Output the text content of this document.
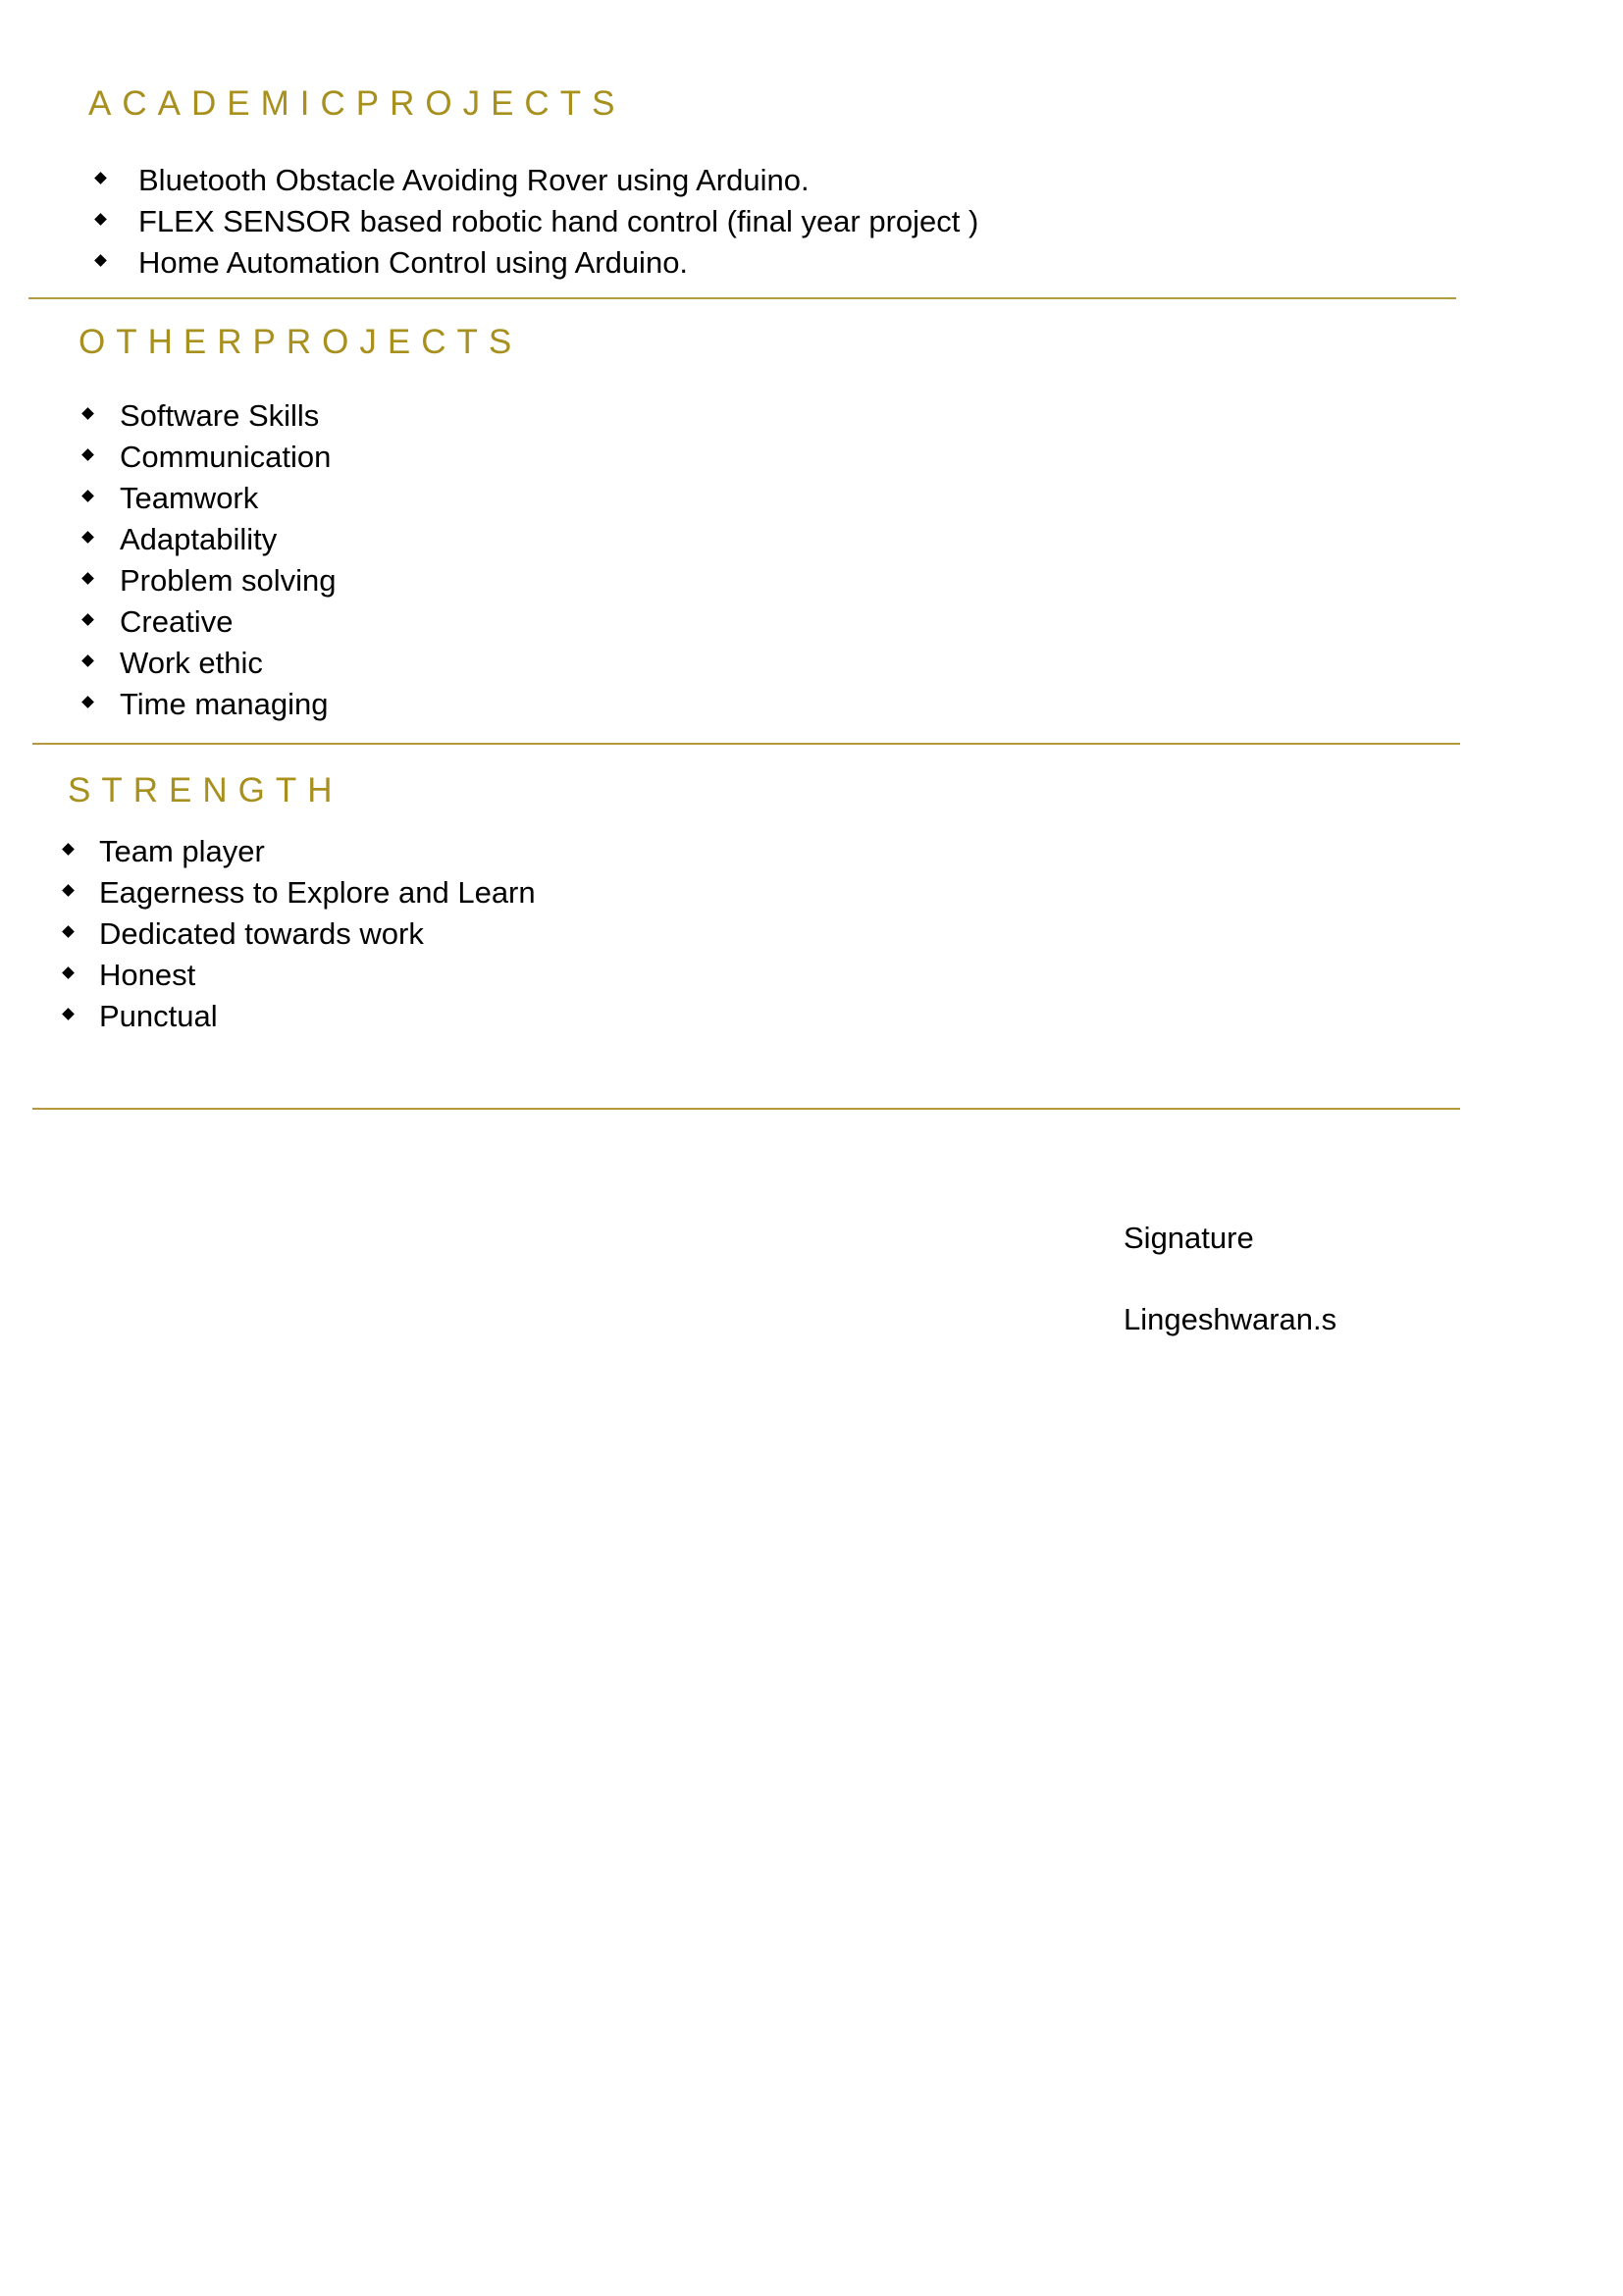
ACADEMICPROJECTS
Bluetooth Obstacle Avoiding Rover using Arduino.
FLEX SENSOR based robotic hand control (final year project )
Home Automation Control using Arduino.
OTHERPROJECTS
Software Skills
Communication
Teamwork
Adaptability
Problem solving
Creative
Work ethic
Time managing
STRENGTH
Team player
Eagerness to Explore and Learn
Dedicated towards work
Honest
Punctual
Signature
Lingeshwaran.s
